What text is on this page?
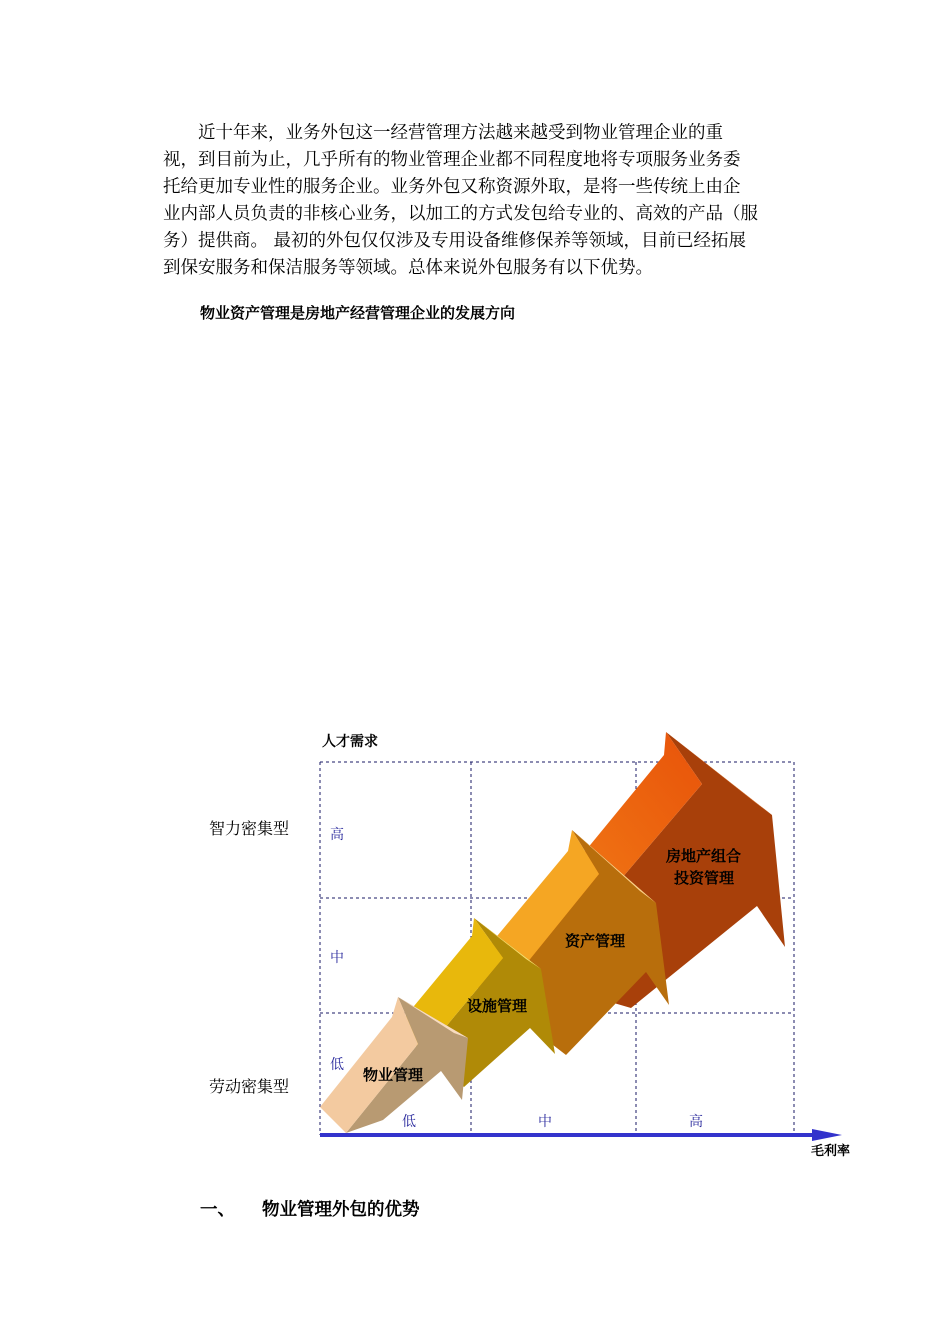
　　近十年来，业务外包这一经营管理方法越来越受到物业管理企业的重
视，到目前为止，几乎所有的物业管理企业都不同程度地将专项服务业务委
托给更加专业性的服务企业。业务外包又称资源外取，是将一些传统上由企
业内部人员负责的非核心业务，以加工的方式发包给专业的、高效的产品（服
务）提供商。 最初的外包仅仅涉及专用设备维修保养等领域，目前已经拓展
到保安服务和保洁服务等领域。总体来说外包服务有以下优势。

物业资产管理是房地产经营管理企业的发展方向
人才需求
毛利率
智力密集型
劳动密集型
高
中
低
低	中	高
物业管理
设施管理
资产管理
房地产组合
投资管理
一、 物业管理外包的优势
